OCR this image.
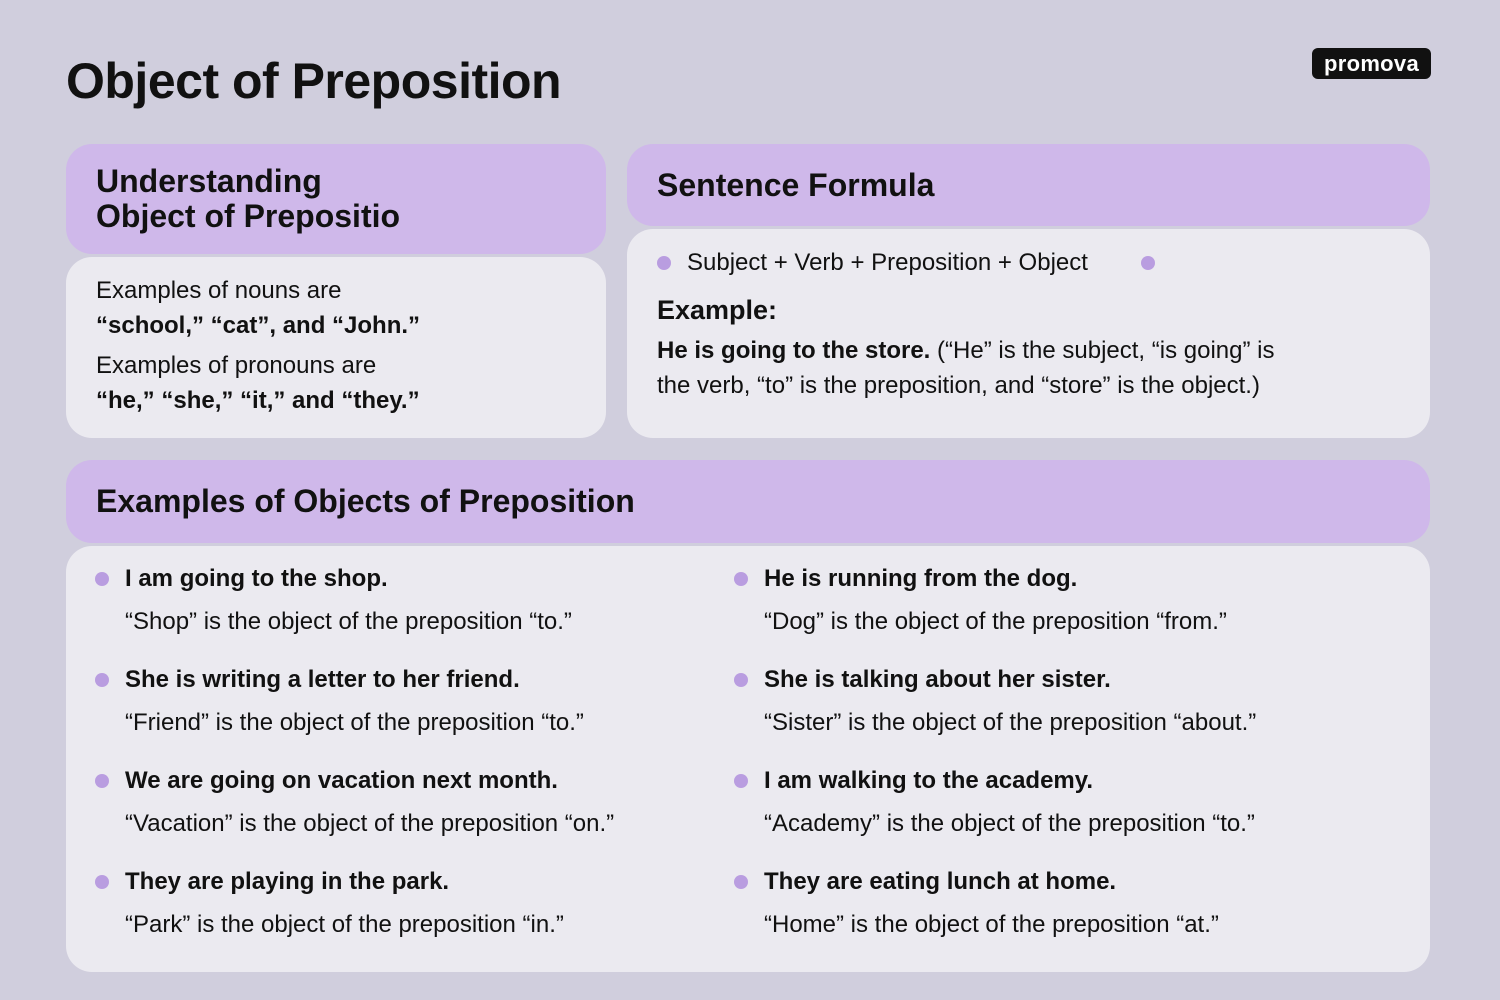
Object of Preposition	promova
Understanding
Object of Prepositio

Examples of nouns are

“school,” “cat”, and “John.”

Examples of pronouns are

“he,” “she,” “it,” and “they.”

Sentence Formula

Subject + Verb + Preposition + Object

Example:

He is going to the store. (“He” is the subject, “is going” is

the verb, “to” is the preposition, and “store” is the object.)

Examples of Objects of Preposition

I am going to the shop.

“Shop” is the object of the preposition “to.”

She is writing a letter to her friend.

“Friend” is the object of the preposition “to.”

We are going on vacation next month.

“Vacation” is the object of the preposition “on.”

They are playing in the park.

“Park” is the object of the preposition “in.”

He is running from the dog.

“Dog” is the object of the preposition “from.”

She is talking about her sister.

“Sister” is the object of the preposition “about.”

I am walking to the academy.

“Academy” is the object of the preposition “to.”

They are eating lunch at home.

“Home” is the object of the preposition “at.”
